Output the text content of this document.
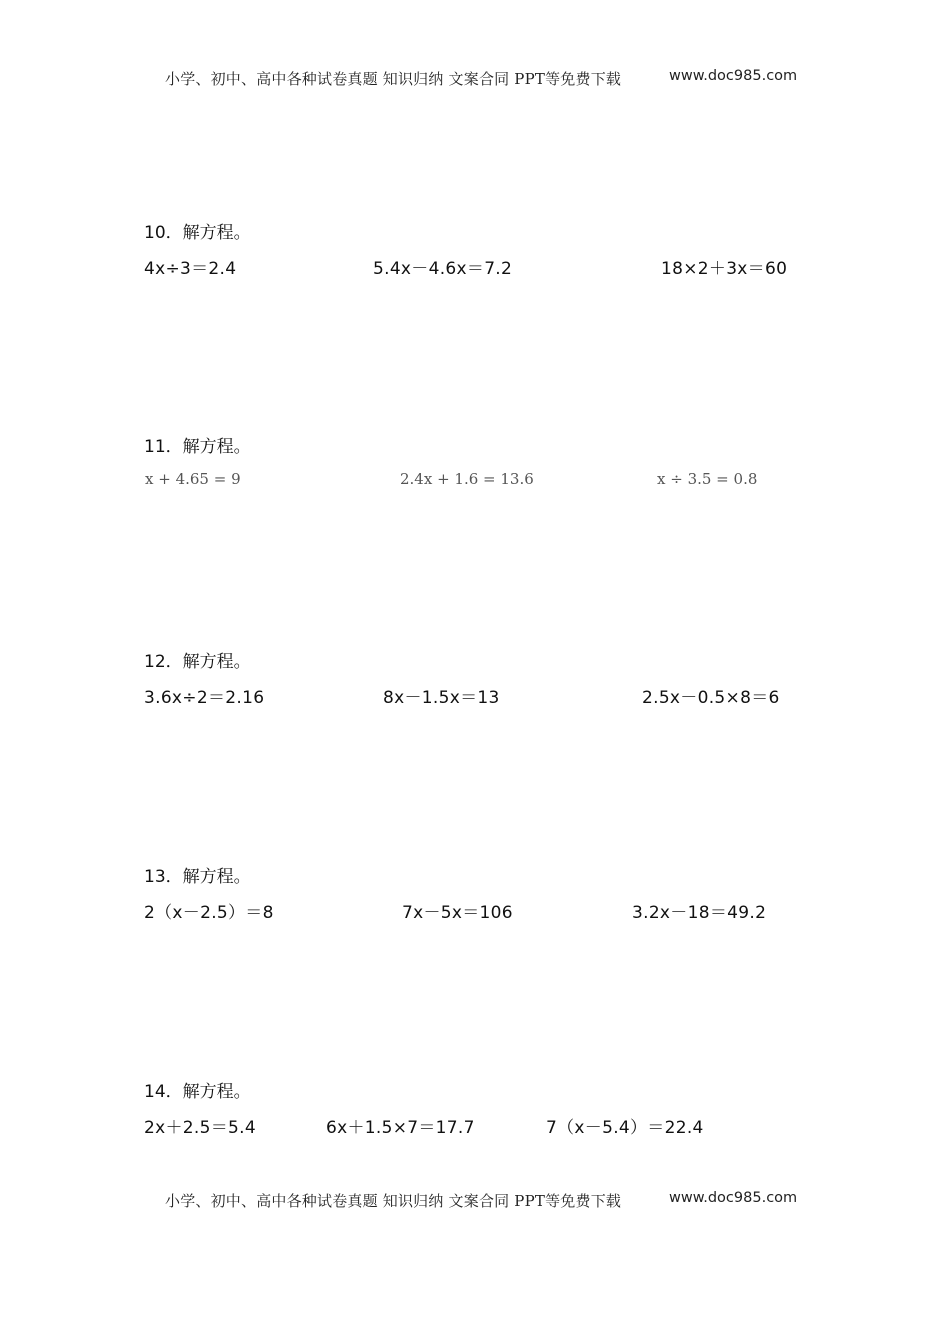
小学、初中、高中各种试卷真题 知识归纳 文案合同 PPT等免费下载	www.doc985.com
10．解方程。
4x÷3＝2.4	5.4x－4.6x＝7.2	18×2＋3x＝60
11．解方程。
x + 4.65 = 9	2.4x + 1.6 = 13.6	x ÷ 3.5 = 0.8
12．解方程。
3.6x÷2＝2.16	8x－1.5x＝13	2.5x－0.5×8＝6
13．解方程。
2（x－2.5）＝8	7x－5x＝106	3.2x－18＝49.2
14．解方程。
2x＋2.5＝5.4	6x＋1.5×7＝17.7	7（x－5.4）＝22.4
小学、初中、高中各种试卷真题 知识归纳 文案合同 PPT等免费下载	www.doc985.com
